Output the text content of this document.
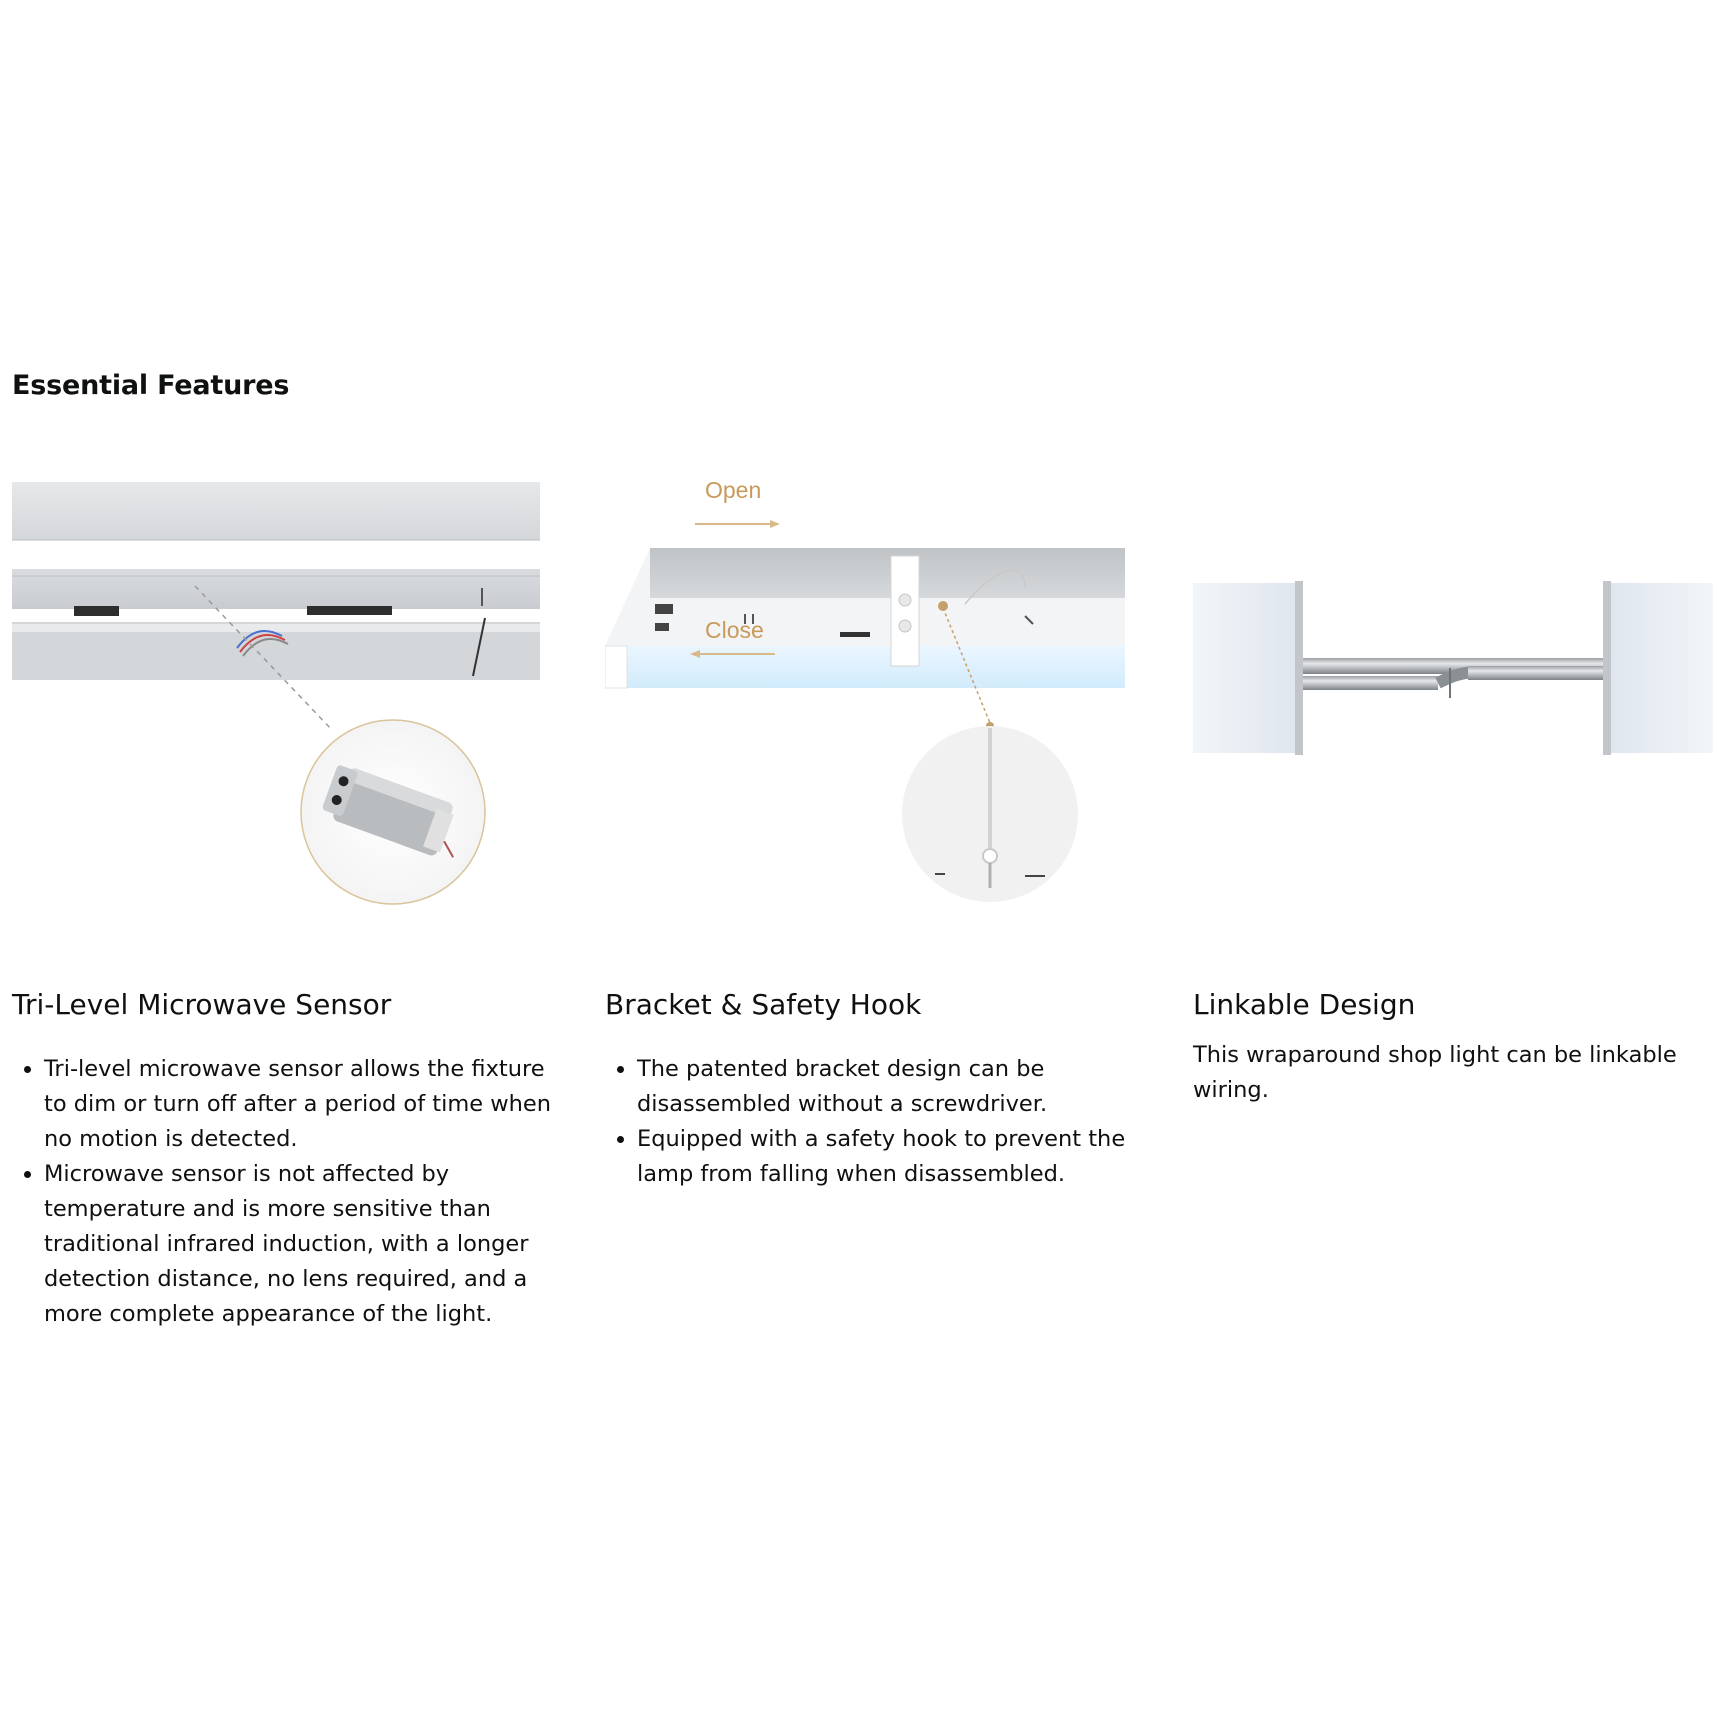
Essential Features
Tri-Level Microwave Sensor
• Tri-level microwave sensor allows the fixture to dim or turn off after a period of time when no motion is detected.
• Microwave sensor is not affected by temperature and is more sensitive than traditional infrared induction, with a longer detection distance, no lens required, and a more complete appearance of the light.
Open
Close
Bracket & Safety Hook
• The patented bracket design can be disassembled without a screwdriver.
• Equipped with a safety hook to prevent the lamp from falling when disassembled.
Linkable Design

This wraparound shop light can be linkable wiring.
